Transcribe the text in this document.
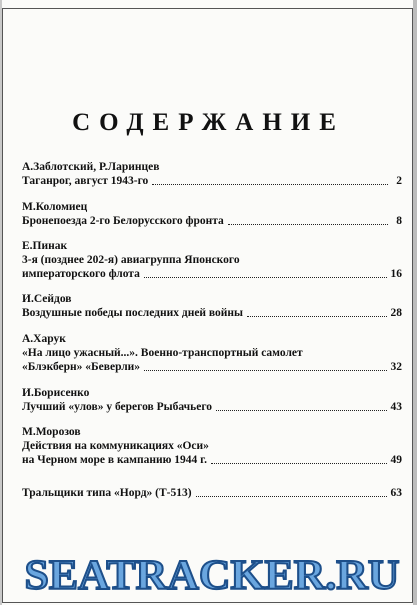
СОДЕРЖАНИЕ
А.Заблотский, Р.Ларинцев
Таганрог, август 1943-го	2
М.Коломиец
Бронепоезда 2-го Белорусского фронта	8
Е.Пинак
3-я (позднее 202-я) авиагруппа Японского
императорского флота	16
И.Сейдов
Воздушные победы последних дней войны	28
А.Харук
«На лицо ужасный...». Военно-транспортный самолет
«Блэкберн» «Беверли»	32
И.Борисенко
Лучший «улов» у берегов Рыбачьего	43
М.Морозов
Действия на коммуникациях «Оси»
на Черном море в кампанию 1944 г.	49
Тральщики типа «Норд» (Т-513)	63
SEATRACKER.RU
